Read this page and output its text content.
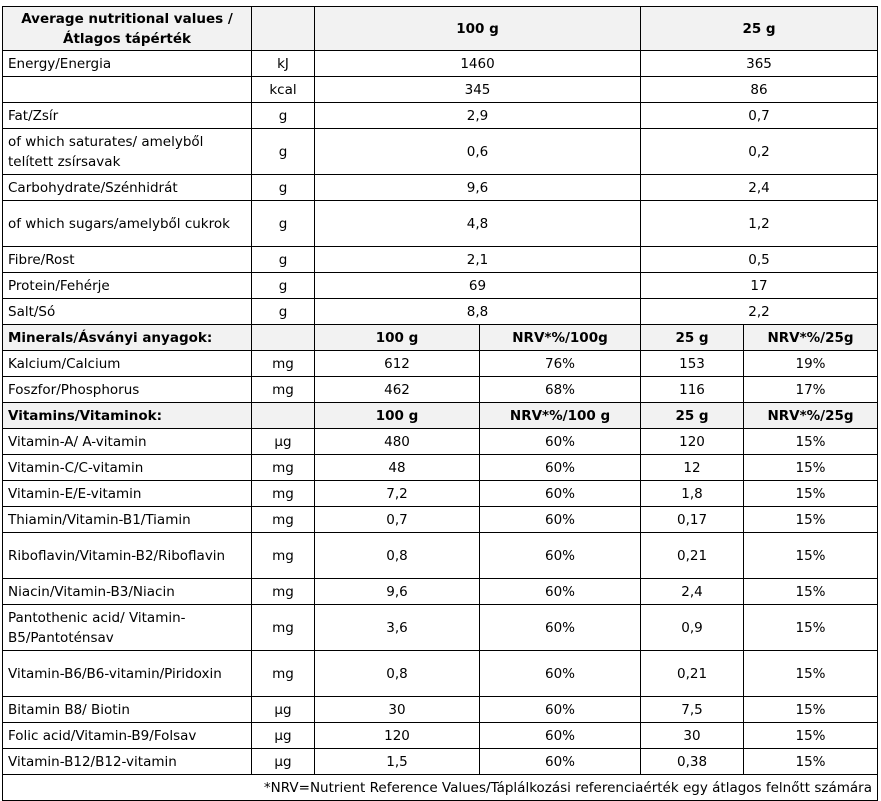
Average nutritional values /
Átlagos tápérték		100 g		25 g	
Energy/Energia	kJ	1460		365	
	kcal	345		86	
Fat/Zsír	g	2,9		0,7	
of which saturates/ amelyből telített zsírsavak	g	0,6		0,2	
Carbohydrate/Szénhidrát	g	9,6		2,4	
of which sugars/amelyből cukrok	g	4,8		1,2	
Fibre/Rost	g	2,1		0,5	
Protein/Fehérje	g	69		17	
Salt/Só	g	8,8		2,2	
Minerals/Ásványi anyagok:		100 g	NRV*%/100g	25 g	NRV*%/25g
Kalcium/Calcium	mg	612	76%	153	19%
Foszfor/Phosphorus	mg	462	68%	116	17%
Vitamins/Vitaminok:		100 g	NRV*%/100 g	25 g	NRV*%/25g
Vitamin-A/ A-vitamin	μg	480	60%	120	15%
Vitamin-C/C-vitamin	mg	48	60%	12	15%
Vitamin-E/E-vitamin	mg	7,2	60%	1,8	15%
Thiamin/Vitamin-B1/Tiamin	mg	0,7	60%	0,17	15%
Riboflavin/Vitamin-B2/Riboflavin	mg	0,8	60%	0,21	15%
Niacin/Vitamin-B3/Niacin	mg	9,6	60%	2,4	15%
Pantothenic acid/ Vitamin-B5/Pantoténsav	mg	3,6	60%	0,9	15%
Vitamin-B6/B6-vitamin/Piridoxin	mg	0,8	60%	0,21	15%
Bitamin B8/ Biotin	μg	30	60%	7,5	15%
Folic acid/Vitamin-B9/Folsav	μg	120	60%	30	15%
Vitamin-B12/B12-vitamin	μg	1,5	60%	0,38	15%
*NRV=Nutrient Reference Values/Táplálkozási referenciaérték egy átlagos felnőtt számára					
